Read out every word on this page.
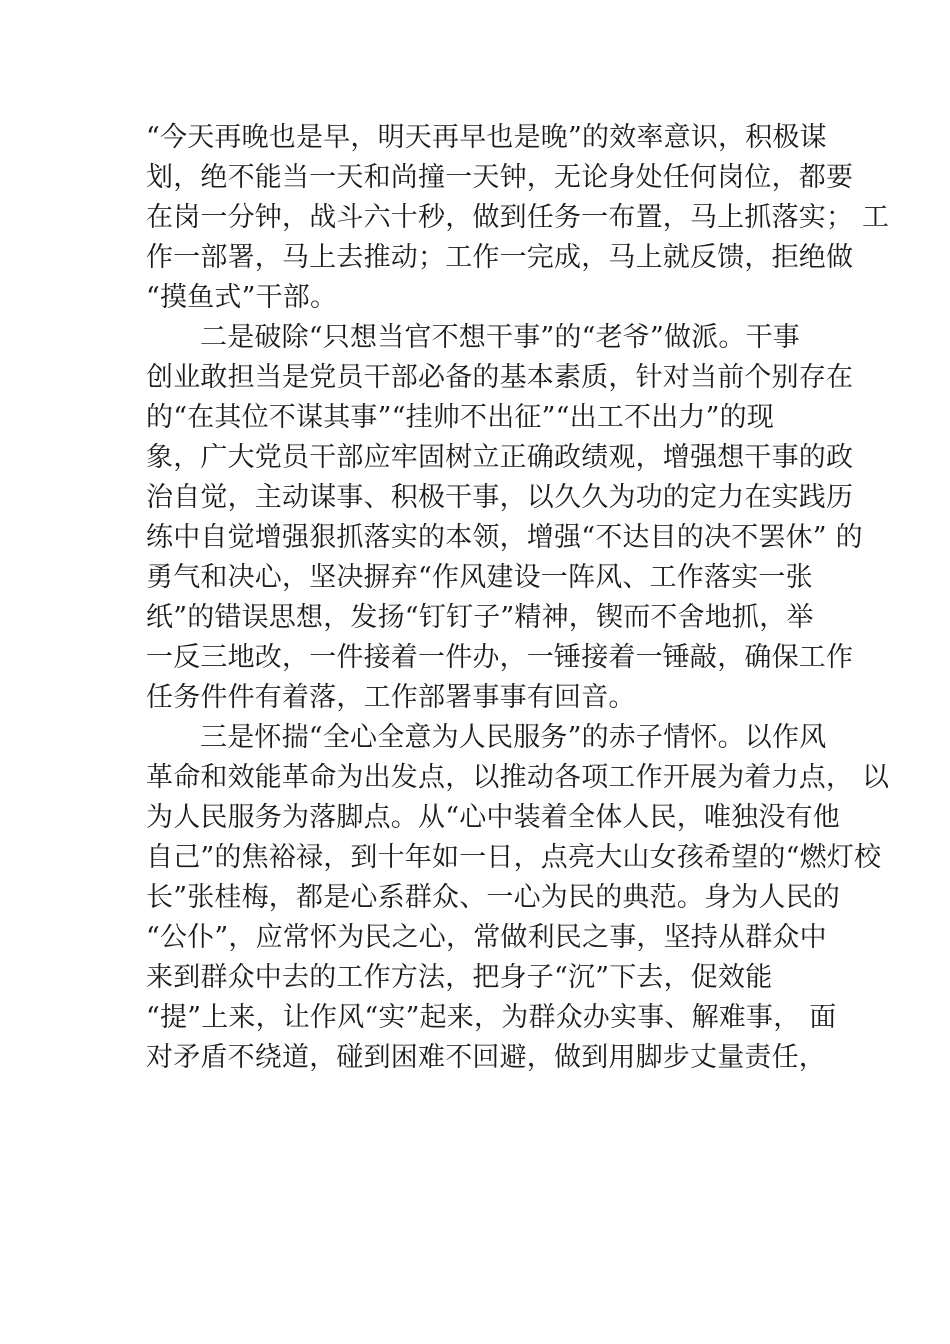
“今天再晚也是早，明天再早也是晚”的效率意识，积极谋
划，绝不能当一天和尚撞一天钟，无论身处任何岗位，都要
在岗一分钟，战斗六十秒，做到任务一布置，马上抓落实； 工
作一部署，马上去推动；工作一完成，马上就反馈，拒绝做
“摸鱼式”干部。
二是破除“只想当官不想干事”的“老爷”做派。干事
创业敢担当是党员干部必备的基本素质，针对当前个别存在
的“在其位不谋其事”“挂帅不出征”“出工不出力”的现
象，广大党员干部应牢固树立正确政绩观，增强想干事的政
治自觉，主动谋事、积极干事，以久久为功的定力在实践历
练中自觉增强狠抓落实的本领，增强“不达目的决不罢休” 的
勇气和决心，坚决摒弃“作风建设一阵风、工作落实一张
纸”的错误思想，发扬“钉钉子”精神，锲而不舍地抓，举
一反三地改，一件接着一件办，一锤接着一锤敲，确保工作
任务件件有着落，工作部署事事有回音。
三是怀揣“全心全意为人民服务”的赤子情怀。以作风
革命和效能革命为出发点，以推动各项工作开展为着力点， 以
为人民服务为落脚点。从“心中装着全体人民，唯独没有他
自己”的焦裕禄，到十年如一日，点亮大山女孩希望的“燃灯校
长”张桂梅，都是心系群众、一心为民的典范。身为人民的
“公仆”，应常怀为民之心，常做利民之事，坚持从群众中
来到群众中去的工作方法，把身子“沉”下去，促效能
“提”上来，让作风“实”起来，为群众办实事、解难事， 面
对矛盾不绕道，碰到困难不回避，做到用脚步丈量责任，
